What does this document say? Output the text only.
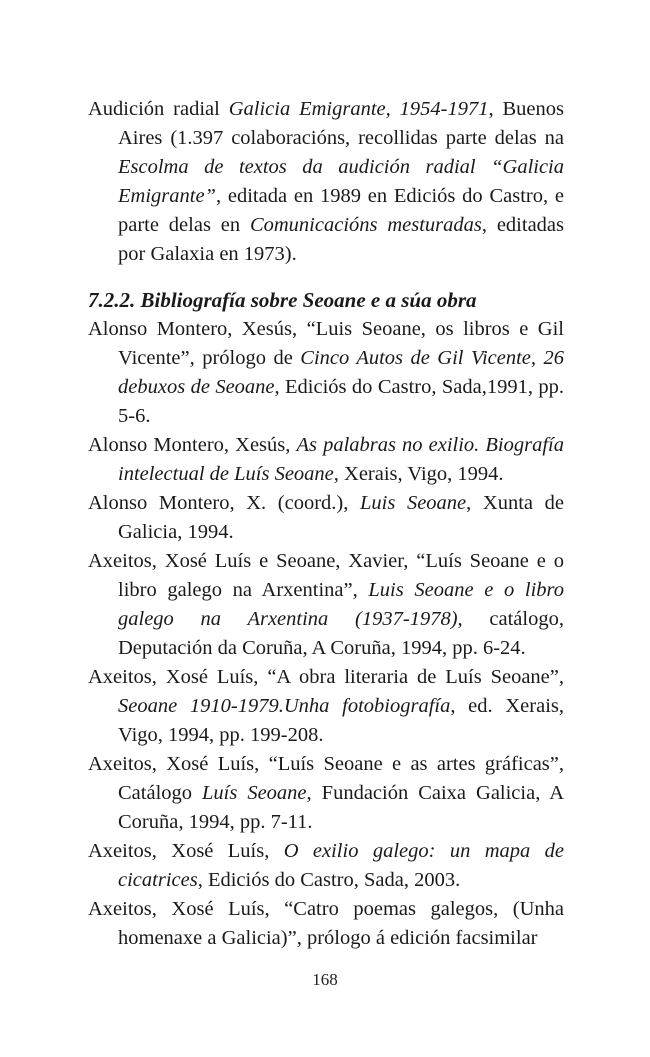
Audición radial Galicia Emigrante, 1954-1971, Buenos Aires (1.397 colaboracións, recollidas parte delas na Escolma de textos da audición radial “Galicia Emigrante”, editada en 1989 en Ediciós do Castro, e parte delas en Comunicacións mesturadas, editadas por Galaxia en 1973).

7.2.2. Bibliografía sobre Seoane e a súa obra

Alonso Montero, Xesús, “Luis Seoane, os libros e Gil Vicente”, prólogo de Cinco Autos de Gil Vicente, 26 debuxos de Seoane, Ediciós do Castro, Sada,1991, pp. 5-6.

Alonso Montero, Xesús, As palabras no exilio. Biografía intelectual de Luís Seoane, Xerais, Vigo, 1994.

Alonso Montero, X. (coord.), Luis Seoane, Xunta de Galicia, 1994.

Axeitos, Xosé Luís e Seoane, Xavier, “Luís Seoane e o libro galego na Arxentina”, Luis Seoane e o libro galego na Arxentina (1937-1978), catálogo, Deputación da Coruña, A Coruña, 1994, pp. 6-24.

Axeitos, Xosé Luís, “A obra literaria de Luís Seoane”, Seoane 1910-1979.Unha fotobiografía, ed. Xerais, Vigo, 1994, pp. 199-208.

Axeitos, Xosé Luís, “Luís Seoane e as artes gráficas”, Catálogo Luís Seoane, Fundación Caixa Galicia, A Coruña, 1994, pp. 7-11.

Axeitos, Xosé Luís, O exilio galego: un mapa de cicatrices, Ediciós do Castro, Sada, 2003.

Axeitos, Xosé Luís, “Catro poemas galegos, (Unha homenaxe a Galicia)”, prólogo á edición facsimilar

168
